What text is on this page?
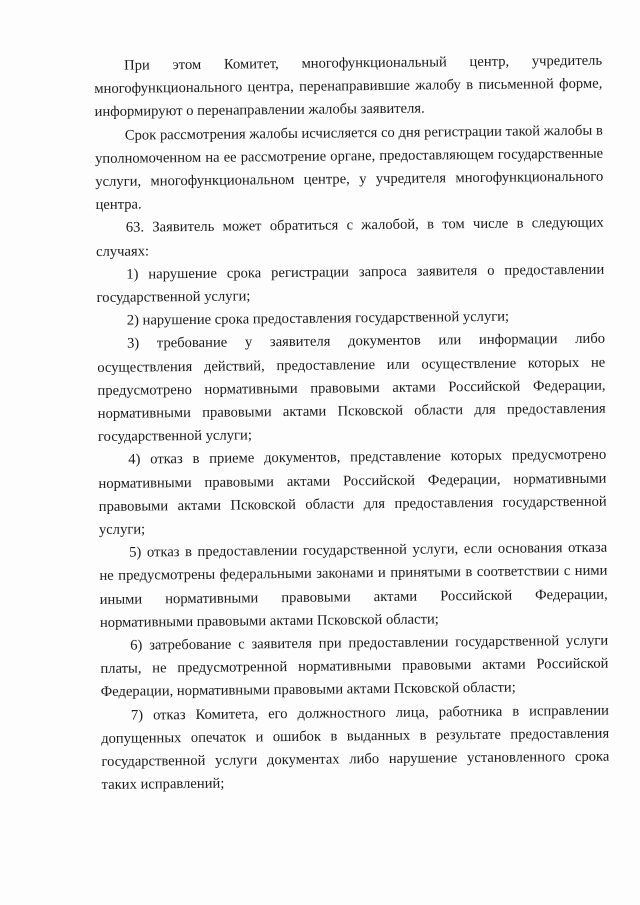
При этом Комитет, многофункциональный центр, учредитель многофункционального центра, перенаправившие жалобу в письменной форме, информируют о перенаправлении жалобы заявителя.

Срок рассмотрения жалобы исчисляется со дня регистрации такой жалобы в уполномоченном на ее рассмотрение органе, предоставляющем государственные услуги, многофункциональном центре, у учредителя многофункционального центра.

63. Заявитель может обратиться с жалобой, в том числе в следующих случаях:

1) нарушение срока регистрации запроса заявителя о предоставлении государственной услуги;

2) нарушение срока предоставления государственной услуги;

3) требование у заявителя документов или информации либо осуществления действий, предоставление или осуществление которых не предусмотрено нормативными правовыми актами Российской Федерации, нормативными правовыми актами Псковской области для предоставления государственной услуги;

4) отказ в приеме документов, представление которых предусмотрено нормативными правовыми актами Российской Федерации, нормативными правовыми актами Псковской области для предоставления государственной услуги;

5) отказ в предоставлении государственной услуги, если основания отказа не предусмотрены федеральными законами и принятыми в соответствии с ними иными нормативными правовыми актами Российской Федерации, нормативными правовыми актами Псковской области;

6) затребование с заявителя при предоставлении государственной услуги платы, не предусмотренной нормативными правовыми актами Российской Федерации, нормативными правовыми актами Псковской области;

7) отказ Комитета, его должностного лица, работника в исправлении допущенных опечаток и ошибок в выданных в результате предоставления государственной услуги документах либо нарушение установленного срока таких исправлений;
